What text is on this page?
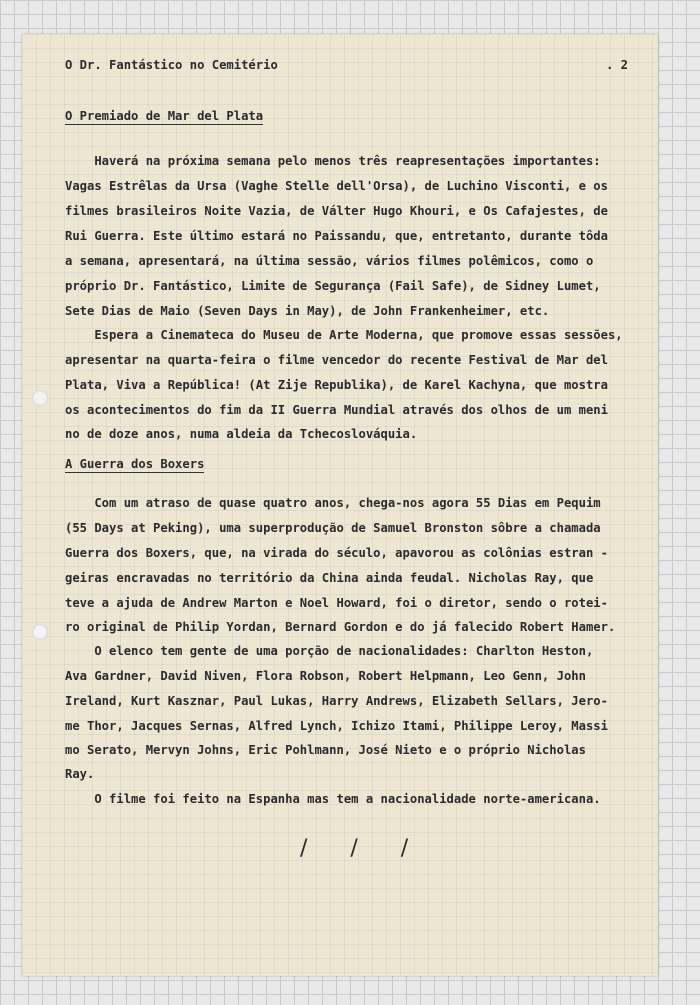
O Dr. Fantástico no Cemitério	. 2
O Premiado de Mar del Plata
Haverá na próxima semana pelo menos três reapresentações importantes:
Vagas Estrêlas da Ursa (Vaghe Stelle dell'Orsa), de Luchino Visconti, e os
filmes brasileiros Noite Vazia, de Válter Hugo Khouri, e Os Cafajestes, de
Rui Guerra. Este último estará no Paissandu, que, entretanto, durante tôda
a semana, apresentará, na última sessão, vários filmes polêmicos, como o
próprio Dr. Fantástico, Limite de Segurança (Fail Safe), de Sidney Lumet,
Sete Dias de Maio (Seven Days in May), de John Frankenheimer, etc.
Espera a Cinemateca do Museu de Arte Moderna, que promove essas sessões,
apresentar na quarta-feira o filme vencedor do recente Festival de Mar del
Plata, Viva a República! (At Zije Republika), de Karel Kachyna, que mostra
os acontecimentos do fim da II Guerra Mundial através dos olhos de um meni
no de doze anos, numa aldeia da Tchecoslováquia.
A Guerra dos Boxers
Com um atraso de quase quatro anos, chega-nos agora 55 Dias em Pequim
(55 Days at Peking), uma superprodução de Samuel Bronston sôbre a chamada
Guerra dos Boxers, que, na virada do século, apavorou as colônias estran -
geiras encravadas no território da China ainda feudal. Nicholas Ray, que
teve a ajuda de Andrew Marton e Noel Howard, foi o diretor, sendo o rotei-
ro original de Philip Yordan, Bernard Gordon e do já falecido Robert Hamer.
O elenco tem gente de uma porção de nacionalidades: Charlton Heston,
Ava Gardner, David Niven, Flora Robson, Robert Helpmann, Leo Genn, John
Ireland, Kurt Kasznar, Paul Lukas, Harry Andrews, Elizabeth Sellars, Jero-
me Thor, Jacques Sernas, Alfred Lynch, Ichizo Itami, Philippe Leroy, Massi
mo Serato, Mervyn Johns, Eric Pohlmann, José Nieto e o próprio Nicholas
Ray.
O filme foi feito na Espanha mas tem a nacionalidade norte-americana.
/ / /
